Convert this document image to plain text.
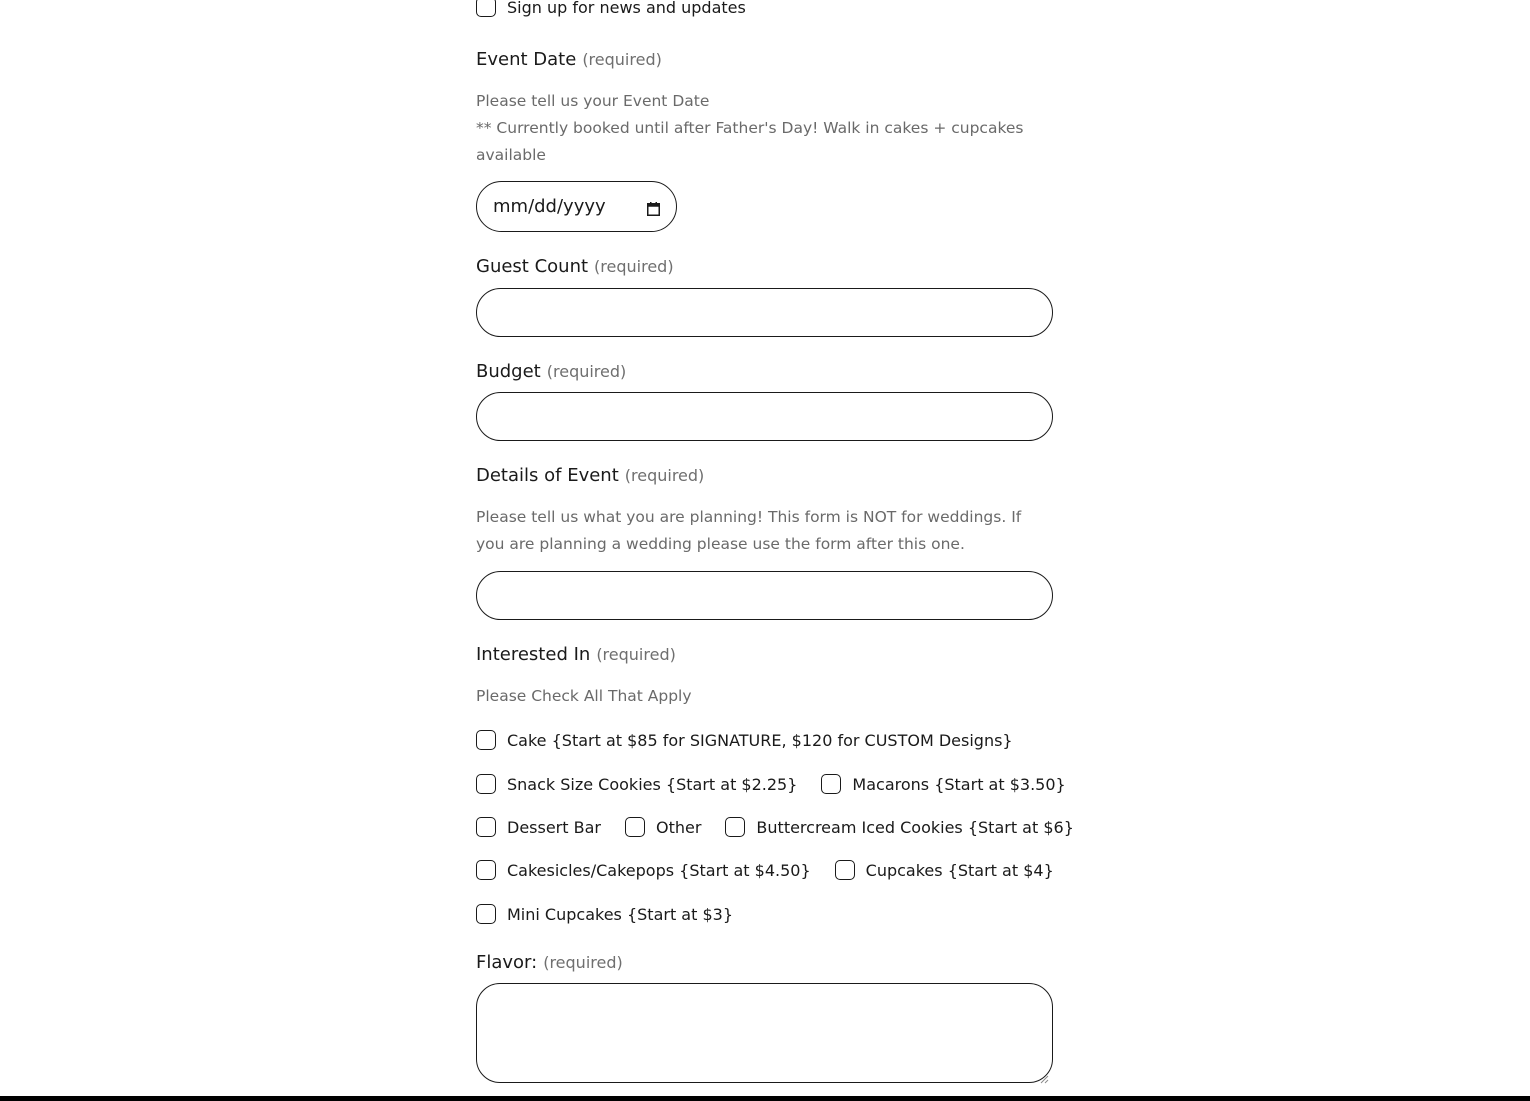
Sign up for news and updates
Event Date (required)
Please tell us your Event Date
** Currently booked until after Father's Day! Walk in cakes + cupcakes available
mm/dd/yyyy
Guest Count (required)
Budget (required)
Details of Event (required)
Please tell us what you are planning! This form is NOT for weddings. If you are planning a wedding please use the form after this one.
Interested In (required)
Please Check All That Apply
Cake {Start at $85 for SIGNATURE, $120 for CUSTOM Designs}
Snack Size Cookies {Start at $2.25}	Macarons {Start at $3.50}
Dessert Bar	Other	Buttercream Iced Cookies {Start at $6}
Cakesicles/Cakepops {Start at $4.50}	Cupcakes {Start at $4}
Mini Cupcakes {Start at $3}
Flavor: (required)
